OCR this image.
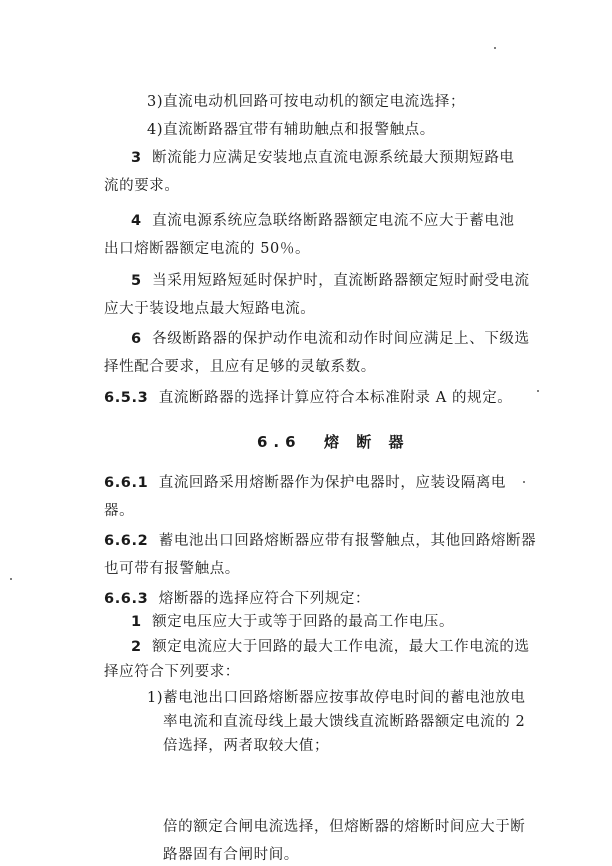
3)直流电动机回路可按电动机的额定电流选择；
4)直流断路器宜带有辅助触点和报警触点。
3 断流能力应满足安装地点直流电源系统最大预期短路电
流的要求。
4 直流电源系统应急联络断路器额定电流不应大于蓄电池
出口熔断器额定电流的 50％。
5 当采用短路短延时保护时，直流断路器额定短时耐受电流
应大于装设地点最大短路电流。
6 各级断路器的保护动作电流和动作时间应满足上、下级选
择性配合要求，且应有足够的灵敏系数。
6.5.3 直流断路器的选择计算应符合本标准附录 A 的规定。
6.6 熔 断 器
6.6.1 直流回路采用熔断器作为保护电器时，应装设隔离电
器。
6.6.2 蓄电池出口回路熔断器应带有报警触点，其他回路熔断器
也可带有报警触点。
6.6.3 熔断器的选择应符合下列规定：
1 额定电压应大于或等于回路的最高工作电压。
2 额定电流应大于回路的最大工作电流，最大工作电流的选
择应符合下列要求：
1)蓄电池出口回路熔断器应按事故停电时间的蓄电池放电
率电流和直流母线上最大馈线直流断路器额定电流的 2
倍选择，两者取较大值；
倍的额定合闸电流选择，但熔断器的熔断时间应大于断
路器固有合闸时间。
